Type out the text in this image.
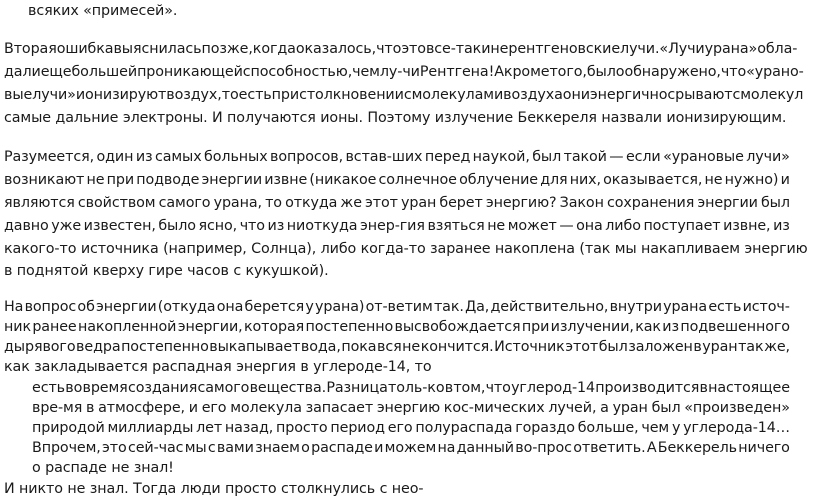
всяких «примесей».
Вторая ошибка выяснилась позже, когда оказалось, что это все-таки не рентгеновские лучи. «Лучи урана» обла-
дали еще большей проникающей способностью, чем лу-чи Рентгена! А кроме того, было обнаружено, что «урано-
вые лучи» ионизируют воздух, то есть при столкновении с молекулами воздуха они энергично срывают с молекул
самые дальние электроны. И получаются ионы. Поэтому излучение Беккереля назвали ионизирующим.
Разумеется, один из самых больных вопросов, встав-ших перед наукой, был такой — если «урановые лучи»
возникают не при подводе энергии извне (никакое солнечное облучение для них, оказывается, не нужно) и
являются свойством самого урана, то откуда же этот уран берет энергию? Закон сохранения энергии был
давно уже известен, было ясно, что из ниоткуда энер-гия взяться не может — она либо поступает извне, из
какого-то источника (например, Солнца), либо когда-то заранее накоплена (так мы накапливаем энергию
в поднятой кверху гире часов с кукушкой).
На вопрос об энергии (откуда она берется у урана) от-ветим так. Да, действительно, внутри урана есть источ-
ник ранее накопленной энергии, которая постепенно высвобождается при излучении, как из подвешенного
дырявого ведра постепенно выкапывает вода, пока вся не кончится. Источник этот был заложен в уран так же,
как закладывается распадная энергия в углероде-14, то
есть во время создания самого вещества. Разница толь-ко в том, что углерод-14 производится в настоящее
вре-мя в атмосфере, и его молекула запасает энергию кос-мических лучей, а уран был «произведен»
природой миллиарды лет назад, просто период его полураспада гораздо больше, чем у углерода-14…
Впрочем, это сей-час мы с вами знаем о распаде и можем на данный во-прос ответить. А Беккерель ничего
о распаде не знал!
И никто не знал. Тогда люди просто столкнулись с нео-
